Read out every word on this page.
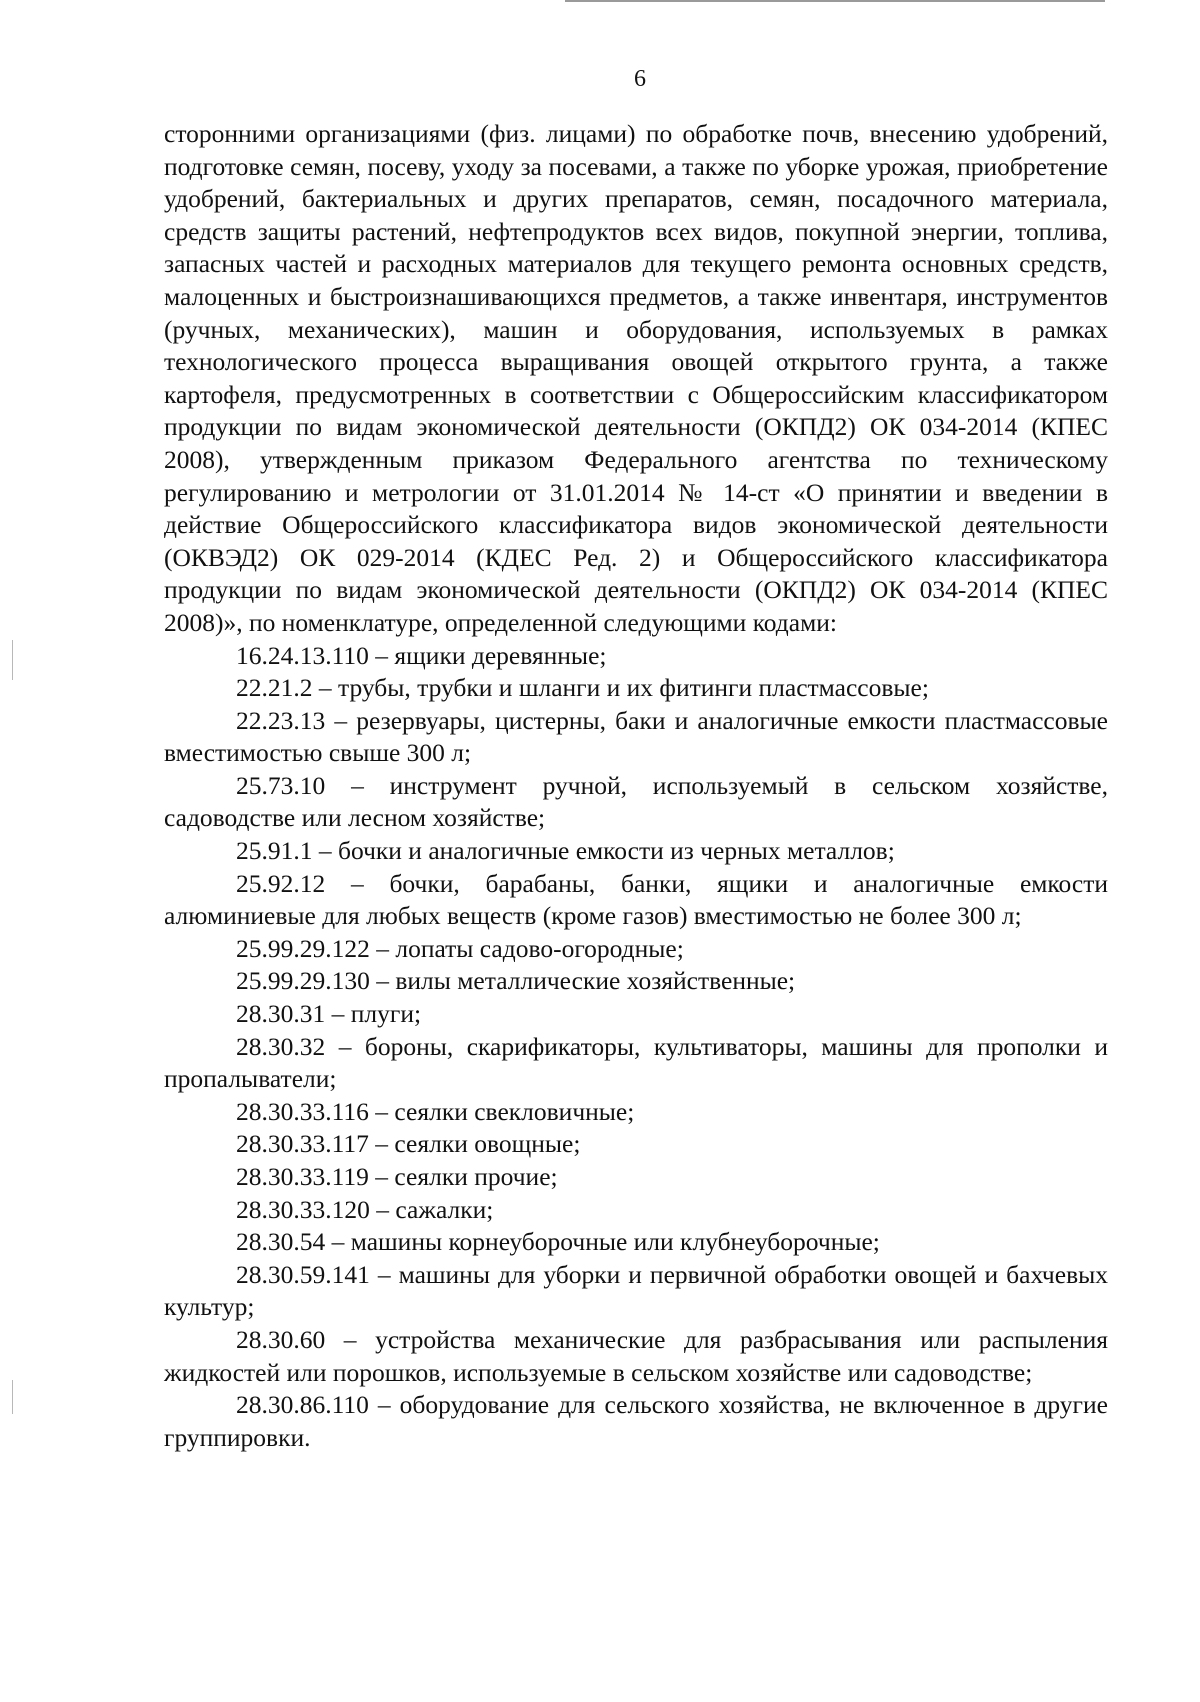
6

сторонними организациями (физ. лицами) по обработке почв, внесению удобрений, подготовке семян, посеву, уходу за посевами, а также по уборке урожая, приобретение удобрений, бактериальных и других препаратов, семян, посадочного материала, средств защиты растений, нефтепродуктов всех видов, покупной энергии, топлива, запасных частей и расходных материалов для текущего ремонта основных средств, малоценных и быстроизнашивающихся предметов, а также инвентаря, инструментов (ручных, механических), машин и оборудования, используемых в рамках технологического процесса выращивания овощей открытого грунта, а также картофеля, предусмотренных в соответствии с Общероссийским классификатором продукции по видам экономической деятельности (ОКПД2) ОК 034-2014 (КПЕС 2008), утвержденным приказом Федерального агентства по техническому регулированию и метрологии от 31.01.2014 № 14-ст «О принятии и введении в действие Общероссийского классификатора видов экономической деятельности (ОКВЭД2) ОК 029-2014 (КДЕС Ред. 2) и Общероссийского классификатора продукции по видам экономической деятельности (ОКПД2) ОК 034-2014 (КПЕС 2008)», по номенклатуре, определенной следующими кодами:

16.24.13.110 – ящики деревянные;

22.21.2 – трубы, трубки и шланги и их фитинги пластмассовые;

22.23.13 – резервуары, цистерны, баки и аналогичные емкости пластмассовые вместимостью свыше 300 л;

25.73.10 – инструмент ручной, используемый в сельском хозяйстве, садоводстве или лесном хозяйстве;

25.91.1 – бочки и аналогичные емкости из черных металлов;

25.92.12 – бочки, барабаны, банки, ящики и аналогичные емкости алюминиевые для любых веществ (кроме газов) вместимостью не более 300 л;

25.99.29.122 – лопаты садово-огородные;

25.99.29.130 – вилы металлические хозяйственные;

28.30.31 – плуги;

28.30.32 – бороны, скарификаторы, культиваторы, машины для прополки и пропалыватели;

28.30.33.116 – сеялки свекловичные;

28.30.33.117 – сеялки овощные;

28.30.33.119 – сеялки прочие;

28.30.33.120 – сажалки;

28.30.54 – машины корнеуборочные или клубнеуборочные;

28.30.59.141 – машины для уборки и первичной обработки овощей и бахчевых культур;

28.30.60 – устройства механические для разбрасывания или распыления жидкостей или порошков, используемые в сельском хозяйстве или садоводстве;

28.30.86.110 – оборудование для сельского хозяйства, не включенное в другие группировки.
